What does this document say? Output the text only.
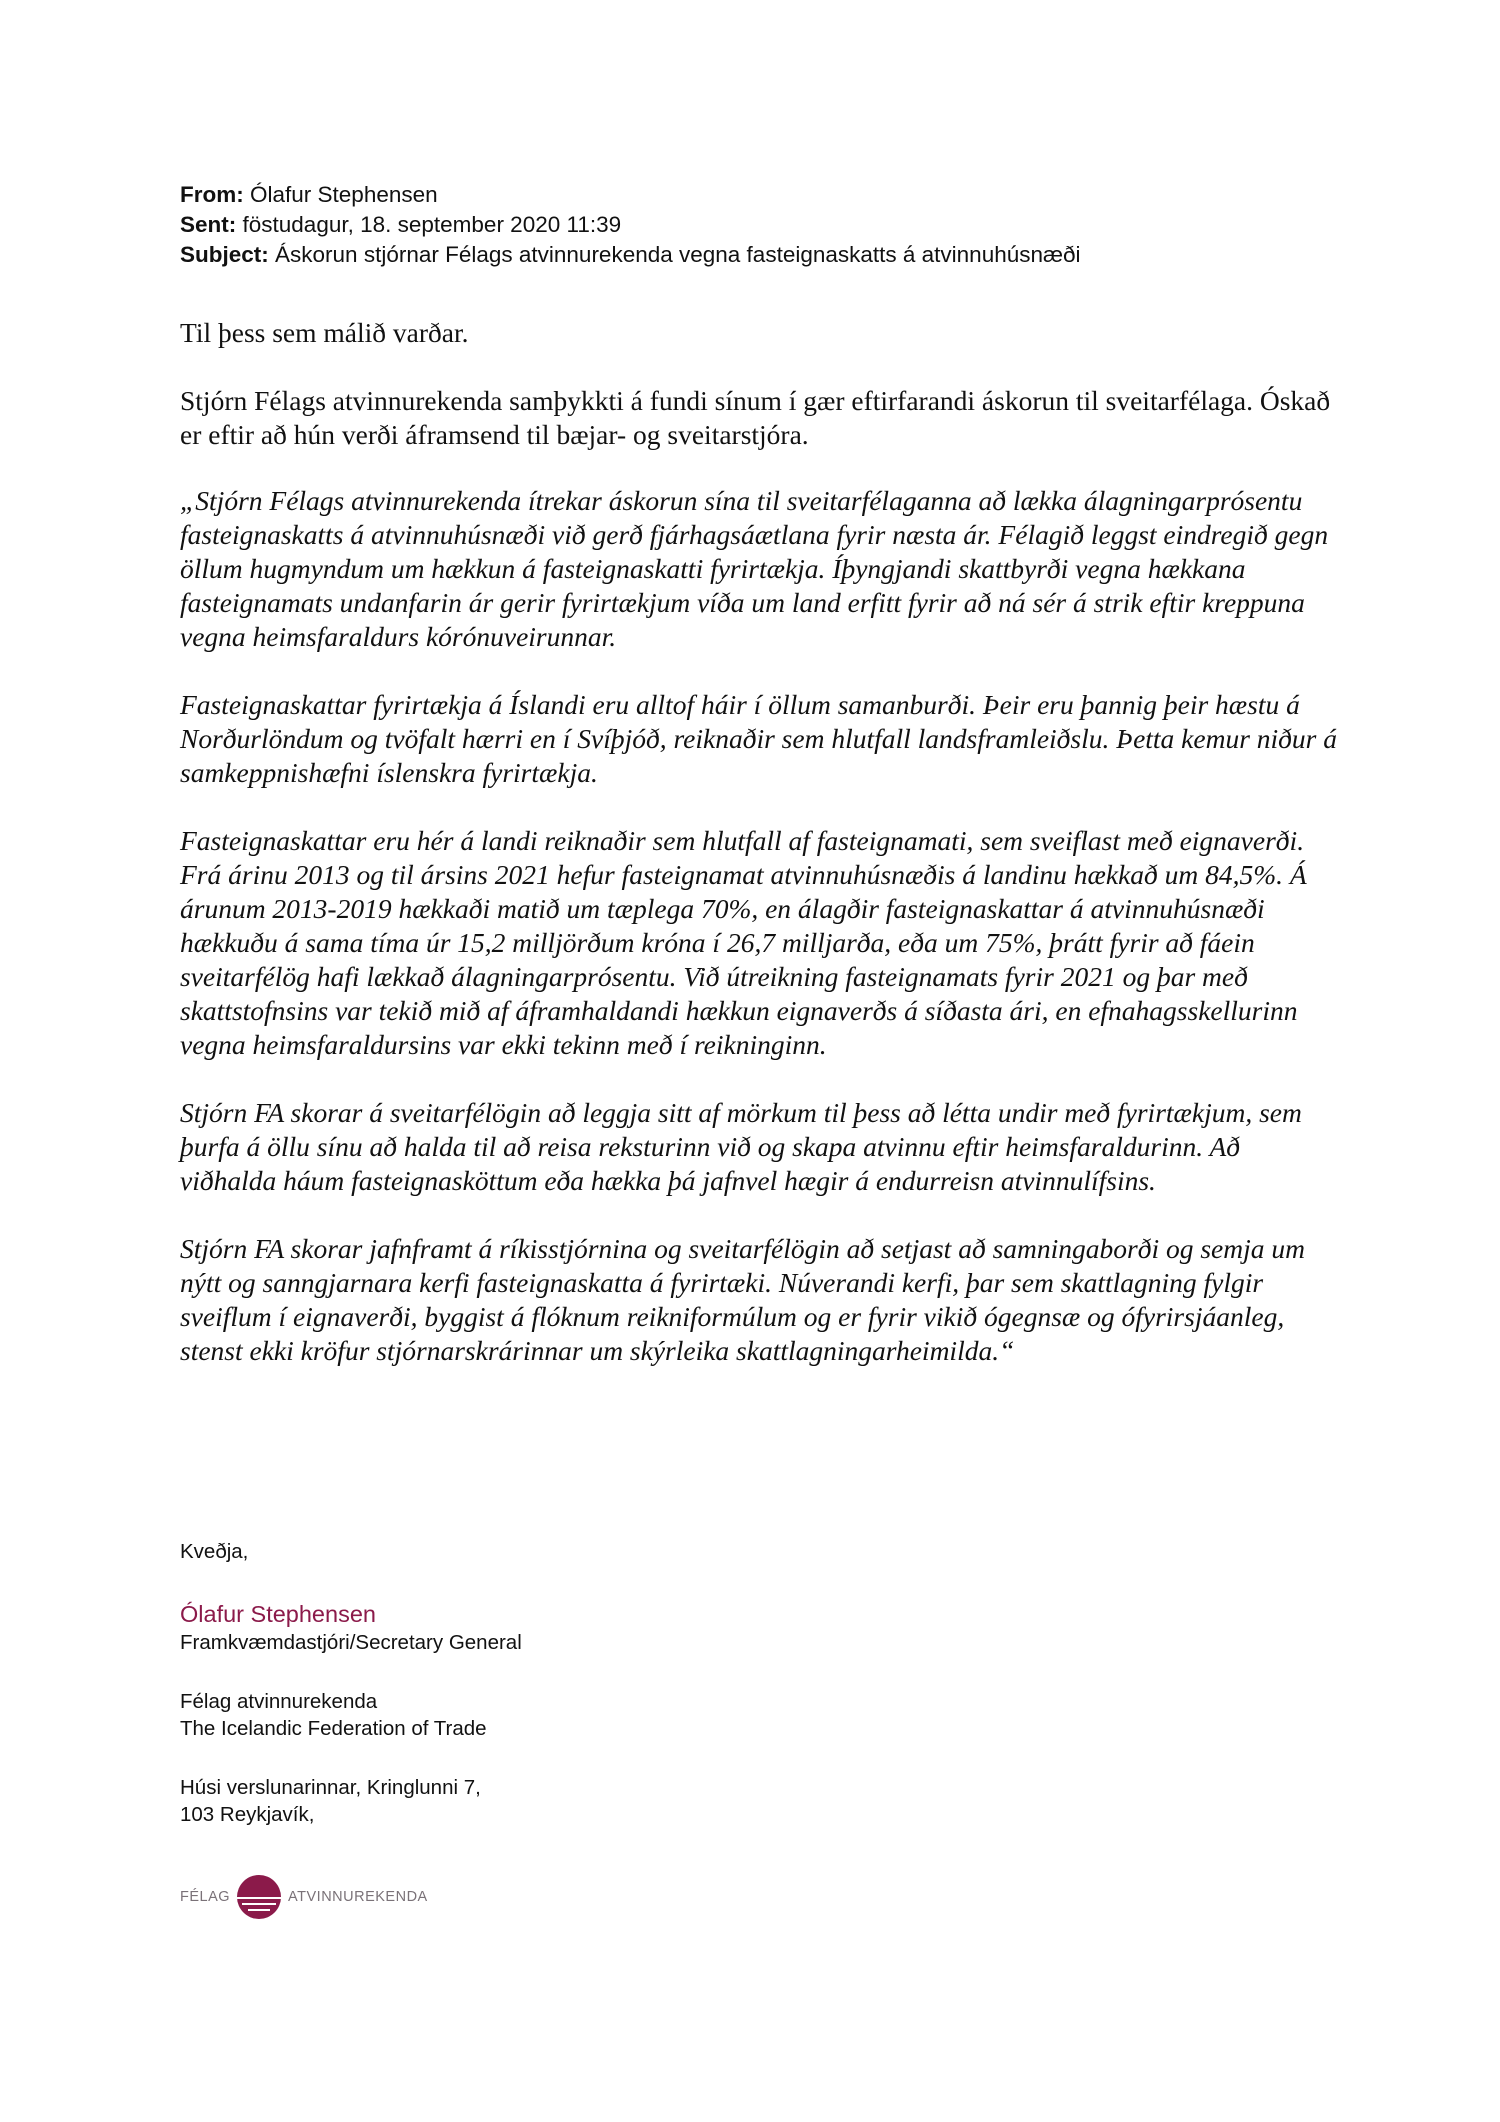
From: Ólafur Stephensen
Sent: föstudagur, 18. september 2020 11:39
Subject: Áskorun stjórnar Félags atvinnurekenda vegna fasteignaskatts á atvinnuhúsnæði

Til þess sem málið varðar.

Stjórn Félags atvinnurekenda samþykkti á fundi sínum í gær eftirfarandi áskorun til sveitarfélaga. Óskað er eftir að hún verði áframsend til bæjar- og sveitarstjóra.

„Stjórn Félags atvinnurekenda ítrekar áskorun sína til sveitarfélaganna að lækka álagningarprósentu fasteignaskatts á atvinnuhúsnæði við gerð fjárhagsáætlana fyrir næsta ár. Félagið leggst eindregið gegn öllum hugmyndum um hækkun á fasteignaskatti fyrirtækja. Íþyngjandi skattbyrði vegna hækkana fasteignamats undanfarin ár gerir fyrirtækjum víða um land erfitt fyrir að ná sér á strik eftir kreppuna vegna heimsfaraldurs kórónuveirunnar.

Fasteignaskattar fyrirtækja á Íslandi eru alltof háir í öllum samanburði. Þeir eru þannig þeir hæstu á Norðurlöndum og tvöfalt hærri en í Svíþjóð, reiknaðir sem hlutfall landsframleiðslu. Þetta kemur niður á samkeppnishæfni íslenskra fyrirtækja.

Fasteignaskattar eru hér á landi reiknaðir sem hlutfall af fasteignamati, sem sveiflast með eignaverði. Frá árinu 2013 og til ársins 2021 hefur fasteignamat atvinnuhúsnæðis á landinu hækkað um 84,5%. Á árunum 2013-2019 hækkaði matið um tæplega 70%, en álagðir fasteignaskattar á atvinnuhúsnæði hækkuðu á sama tíma úr 15,2 milljörðum króna í 26,7 milljarða, eða um 75%, þrátt fyrir að fáein sveitarfélög hafi lækkað álagningarprósentu. Við útreikning fasteignamats fyrir 2021 og þar með skattstofnsins var tekið mið af áframhaldandi hækkun eignaverðs á síðasta ári, en efnahagsskellurinn vegna heimsfaraldursins var ekki tekinn með í reikninginn.

Stjórn FA skorar á sveitarfélögin að leggja sitt af mörkum til þess að létta undir með fyrirtækjum, sem þurfa á öllu sínu að halda til að reisa reksturinn við og skapa atvinnu eftir heimsfaraldurinn. Að viðhalda háum fasteignasköttum eða hækka þá jafnvel hægir á endurreisn atvinnulífsins.

Stjórn FA skorar jafnframt á ríkisstjórnina og sveitarfélögin að setjast að samningaborði og semja um nýtt og sanngjarnara kerfi fasteignaskatta á fyrirtæki. Núverandi kerfi, þar sem skattlagning fylgir sveiflum í eignaverði, byggist á flóknum reikniformúlum og er fyrir vikið ógegnsæ og ófyrirsjáanleg, stenst ekki kröfur stjórnarskrárinnar um skýrleika skattlagningarheimilda.“

Kveðja,
Ólafur Stephensen
Framkvæmdastjóri/Secretary General
Félag atvinnurekenda
The Icelandic Federation of Trade
Húsi verslunarinnar, Kringlunni 7,
103 Reykjavík,
FÉLAG	ATVINNUREKENDA
